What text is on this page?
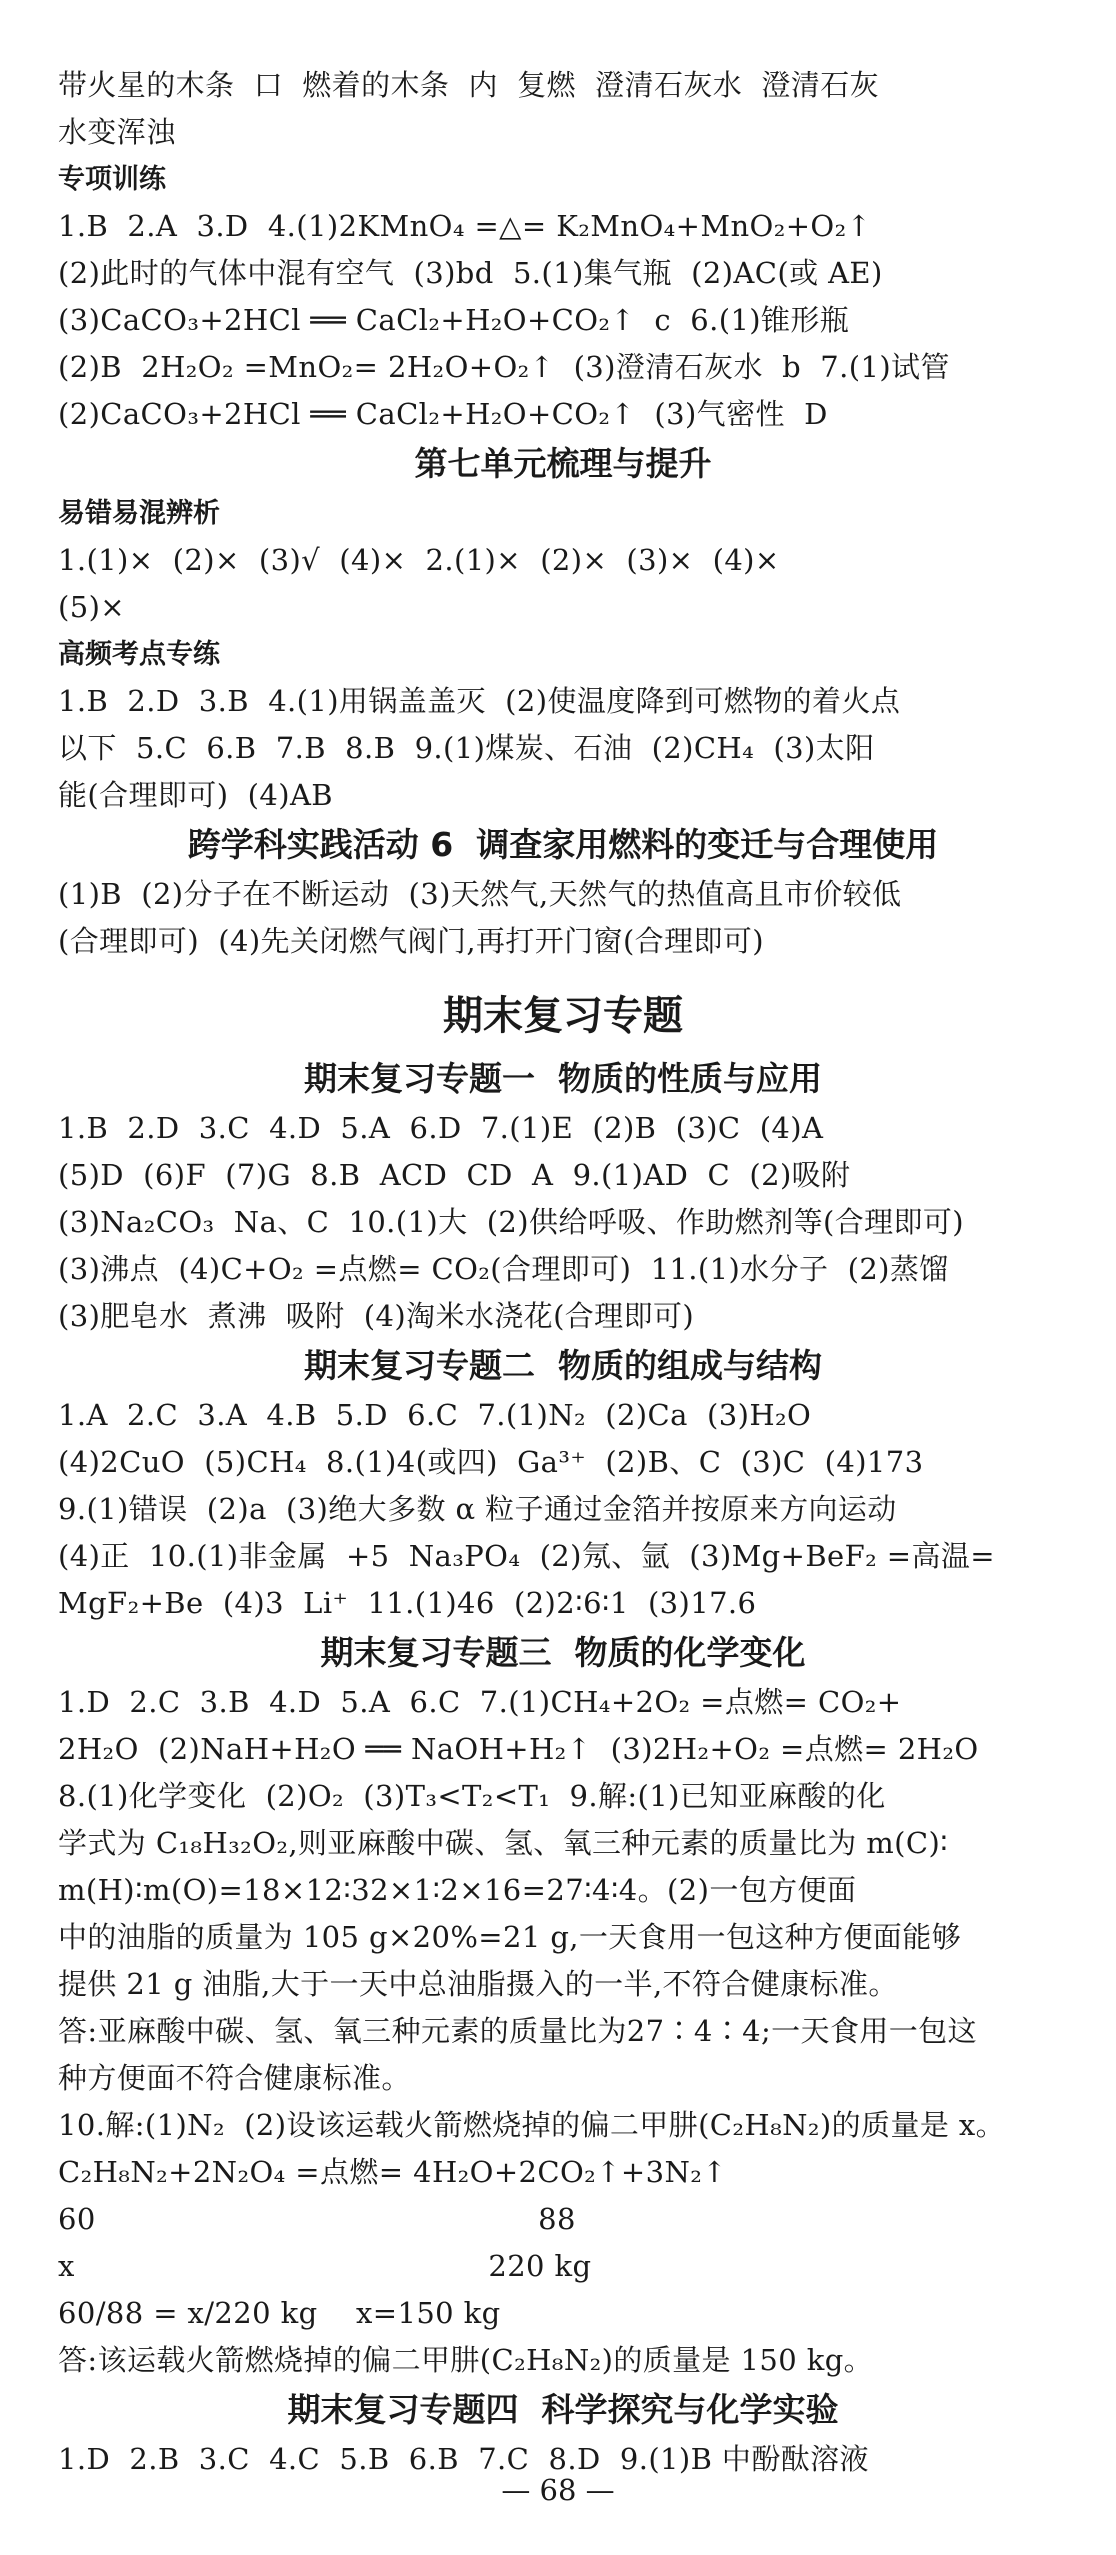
带火星的木条  口  燃着的木条  内  复燃  澄清石灰水  澄清石灰
水变浑浊
专项训练
1.B  2.A  3.D  4.(1)2KMnO₄ =△= K₂MnO₄+MnO₂+O₂↑
(2)此时的气体中混有空气  (3)bd  5.(1)集气瓶  (2)AC(或 AE)
(3)CaCO₃+2HCl ══ CaCl₂+H₂O+CO₂↑  c  6.(1)锥形瓶
(2)B  2H₂O₂ =MnO₂= 2H₂O+O₂↑  (3)澄清石灰水  b  7.(1)试管
(2)CaCO₃+2HCl ══ CaCl₂+H₂O+CO₂↑  (3)气密性  D
第七单元梳理与提升
易错易混辨析
1.(1)×  (2)×  (3)√  (4)×  2.(1)×  (2)×  (3)×  (4)×
(5)×
高频考点专练
1.B  2.D  3.B  4.(1)用锅盖盖灭  (2)使温度降到可燃物的着火点
以下  5.C  6.B  7.B  8.B  9.(1)煤炭、石油  (2)CH₄  (3)太阳
能(合理即可)  (4)AB
跨学科实践活动 6  调查家用燃料的变迁与合理使用
(1)B  (2)分子在不断运动  (3)天然气,天然气的热值高且市价较低
(合理即可)  (4)先关闭燃气阀门,再打开门窗(合理即可)
期末复习专题
期末复习专题一  物质的性质与应用
1.B  2.D  3.C  4.D  5.A  6.D  7.(1)E  (2)B  (3)C  (4)A
(5)D  (6)F  (7)G  8.B  ACD  CD  A  9.(1)AD  C  (2)吸附
(3)Na₂CO₃  Na、C  10.(1)大  (2)供给呼吸、作助燃剂等(合理即可)
(3)沸点  (4)C+O₂ =点燃= CO₂(合理即可)  11.(1)水分子  (2)蒸馏
(3)肥皂水  煮沸  吸附  (4)淘米水浇花(合理即可)
期末复习专题二  物质的组成与结构
1.A  2.C  3.A  4.B  5.D  6.C  7.(1)N₂  (2)Ca  (3)H₂O
(4)2CuO  (5)CH₄  8.(1)4(或四)  Ga³⁺  (2)B、C  (3)C  (4)173
9.(1)错误  (2)a  (3)绝大多数 α 粒子通过金箔并按原来方向运动
(4)正  10.(1)非金属  +5  Na₃PO₄  (2)氖、氩  (3)Mg+BeF₂ =高温=
MgF₂+Be  (4)3  Li⁺  11.(1)46  (2)2∶6∶1  (3)17.6
期末复习专题三  物质的化学变化
1.D  2.C  3.B  4.D  5.A  6.C  7.(1)CH₄+2O₂ =点燃= CO₂+
2H₂O  (2)NaH+H₂O ══ NaOH+H₂↑  (3)2H₂+O₂ =点燃= 2H₂O
8.(1)化学变化  (2)O₂  (3)T₃<T₂<T₁  9.解:(1)已知亚麻酸的化
学式为 C₁₈H₃₂O₂,则亚麻酸中碳、氢、氧三种元素的质量比为 m(C)∶
m(H)∶m(O)=18×12∶32×1∶2×16=27∶4∶4。(2)一包方便面
中的油脂的质量为 105 g×20%=21 g,一天食用一包这种方便面能够
提供 21 g 油脂,大于一天中总油脂摄入的一半,不符合健康标准。
答:亚麻酸中碳、氢、氧三种元素的质量比为27∶4∶4;一天食用一包这
种方便面不符合健康标准。
10.解:(1)N₂  (2)设该运载火箭燃烧掉的偏二甲肼(C₂H₈N₂)的质量是 x。
C₂H₈N₂+2N₂O₄ =点燃= 4H₂O+2CO₂↑+3N₂↑
60                                              88
x                                           220 kg
60/88 = x/220 kg    x=150 kg
答:该运载火箭燃烧掉的偏二甲肼(C₂H₈N₂)的质量是 150 kg。
期末复习专题四  科学探究与化学实验
1.D  2.B  3.C  4.C  5.B  6.B  7.C  8.D  9.(1)B 中酚酞溶液
— 68 —
